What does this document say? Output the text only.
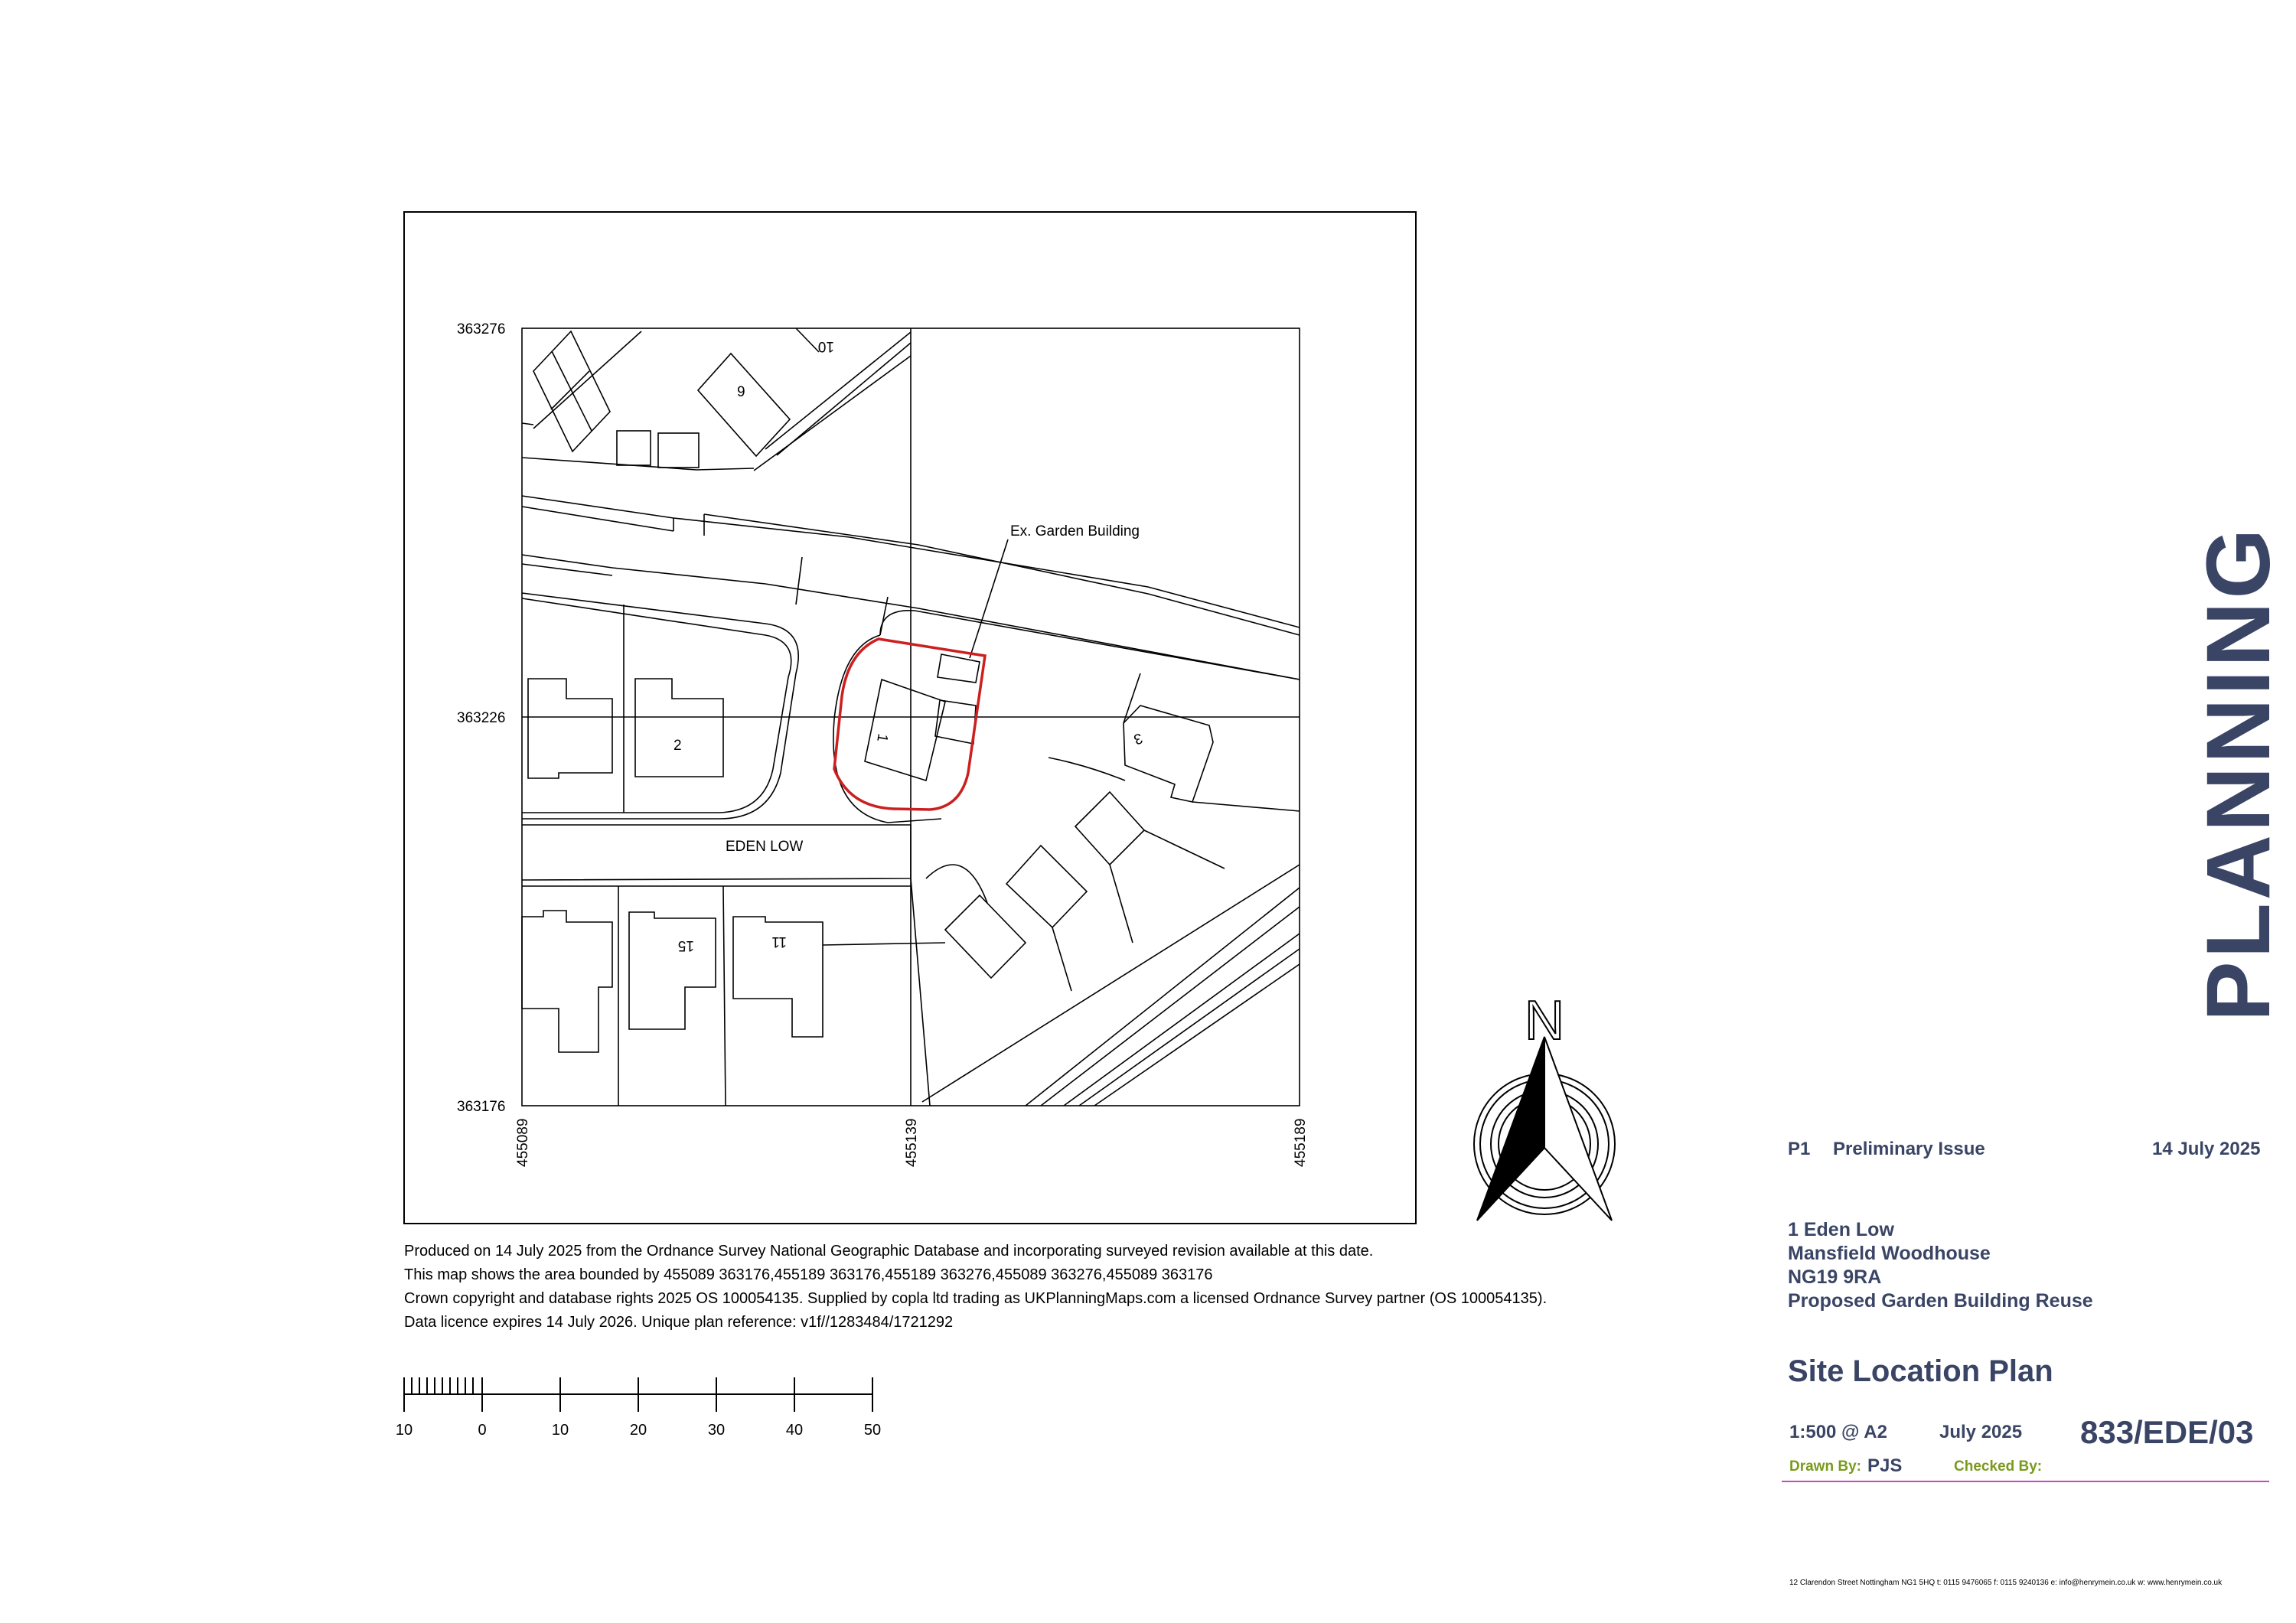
363276
363226
363176
455089	455139	455189
EDEN LOW
Ex. Garden Building
10
9
2	1	3
15	11
N
10	0	10	20	30	40	50
PLANNING
Produced on 14 July 2025 from the Ordnance Survey National Geographic Database and incorporating surveyed revision available at this date.
This map shows the area bounded by 455089 363176,455189 363176,455189 363276,455089 363276,455089 363176
Crown copyright and database rights 2025 OS 100054135. Supplied by copla ltd trading as UKPlanningMaps.com a licensed Ordnance Survey partner (OS 100054135).
Data licence expires 14 July 2026. Unique plan reference: v1f//1283484/1721292
P1 Preliminary Issue	14 July 2025
1 Eden Low
Mansfield Woodhouse
NG19 9RA
Proposed Garden Building Reuse
Site Location Plan
1:500 @ A2	July 2025 833/EDE/03
Drawn By: PJS	Checked By:
12 Clarendon Street Nottingham NG1 5HQ t: 0115 9476065 f: 0115 9240136 e: info@henrymein.co.uk w: www.henrymein.co.uk
